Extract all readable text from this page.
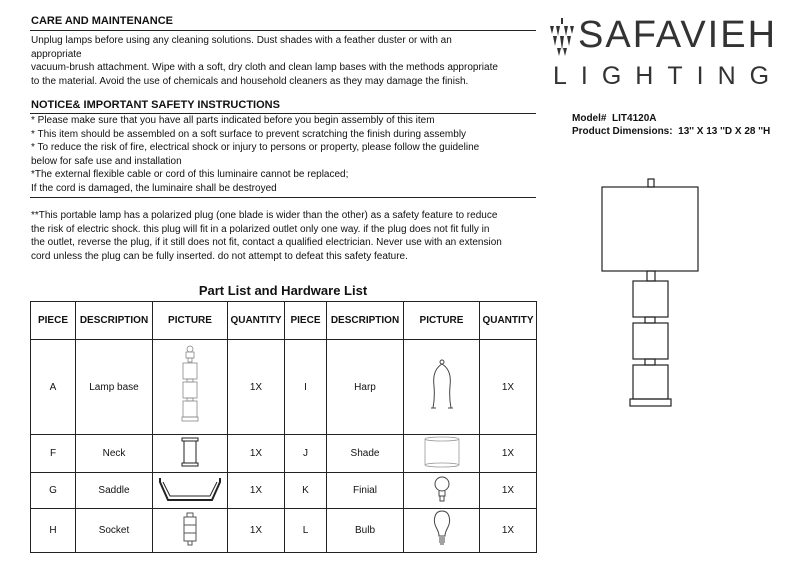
CARE AND MAINTENANCE
Unplug lamps before using any cleaning solutions. Dust shades with a feather duster or with an
appropriate
vacuum-brush attachment. Wipe with a soft, dry cloth and clean lamp bases with the methods appropriate
to the material. Avoid the use of chemicals and household cleaners as they may damage the finish.
NOTICE& IMPORTANT SAFETY INSTRUCTIONS
* Please make sure that you have all parts indicated before you begin assembly of this item
* This item should be assembled on a soft surface to prevent scratching the finish during assembly
* To reduce the risk of fire, electrical shock or injury to persons or property, please follow the guideline
below for safe use and installation
*The external flexible cable or cord of this luminaire cannot be replaced;
If the cord is damaged, the luminaire shall be destroyed
**This portable lamp has a polarized plug (one blade is wider than the other) as a safety feature to reduce
the risk of electric shock. this plug will fit in a polarized outlet only one way. if the plug does not fit fully in
the outlet, reverse the plug, if it still does not fit, contact a qualified electrician. Never use with an extension
cord unless the plug can be fully inserted. do not attempt to defeat this safety feature.
SAFAVIEH
LIGHTING
Model# LIT4120A
Product Dimensions: 13'' X 13 ''D X 28 ''H
Part List and Hardware List
PIECE	DESCRIPTION	PICTURE	QUANTITY	PIECE	DESCRIPTION	PICTURE	QUANTITY
A	Lamp base		1X	I	Harp		1X
F	Neck		1X	J	Shade		1X
G	Saddle		1X	K	Finial		1X
H	Socket		1X	L	Bulb		1X
